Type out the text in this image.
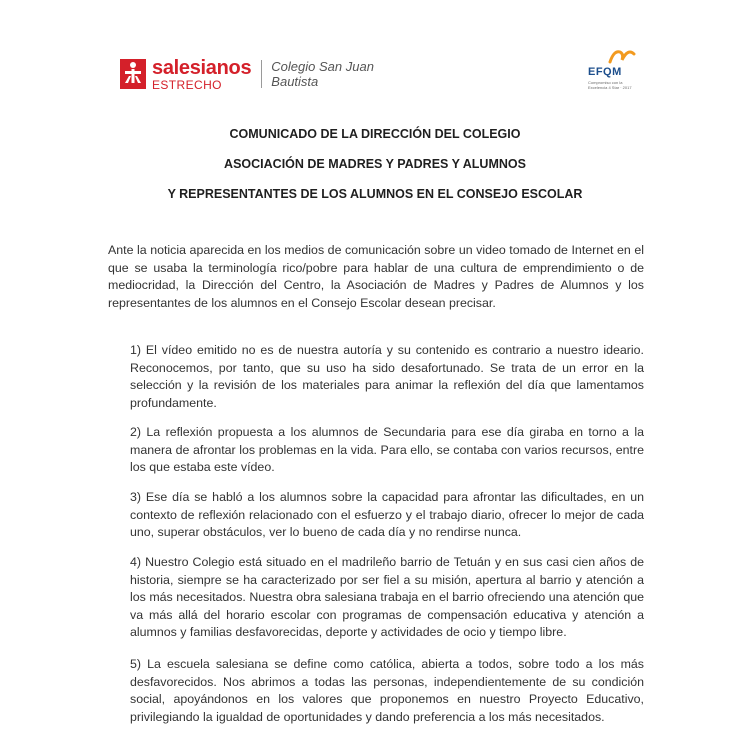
salesianos
ESTRECHO
Colegio San Juan
Bautista
EFQM
Compromiso con la Excelencia 4 Star · 2017
COMUNICADO DE LA DIRECCIÓN DEL COLEGIO
ASOCIACIÓN DE MADRES Y PADRES Y ALUMNOS
Y REPRESENTANTES DE LOS ALUMNOS EN EL CONSEJO ESCOLAR
Ante la noticia aparecida en los medios de comunicación sobre un video tomado de Internet en el que se usaba la terminología rico/pobre para hablar de una cultura de emprendimiento o de mediocridad, la Dirección del Centro, la Asociación de Madres y Padres de Alumnos y los representantes de los alumnos en el Consejo Escolar desean precisar.
1) El vídeo emitido no es de nuestra autoría y su contenido es contrario a nuestro ideario. Reconocemos, por tanto, que su uso ha sido desafortunado. Se trata de un error en la selección y la revisión de los materiales para animar la reflexión del día que lamentamos profundamente.
2) La reflexión propuesta a los alumnos de Secundaria para ese día giraba en torno a la manera de afrontar los problemas en la vida. Para ello, se contaba con varios recursos, entre los que estaba este vídeo.
3) Ese día se habló a los alumnos sobre la capacidad para afrontar las dificultades, en un contexto de reflexión relacionado con el esfuerzo y el trabajo diario, ofrecer lo mejor de cada uno, superar obstáculos, ver lo bueno de cada día y no rendirse nunca.
4) Nuestro Colegio está situado en el madrileño barrio de Tetuán y en sus casi cien años de historia, siempre se ha caracterizado por ser fiel a su misión, apertura al barrio y atención a los más necesitados. Nuestra obra salesiana trabaja en el barrio ofreciendo una atención que va más allá del horario escolar con programas de compensación educativa y atención a alumnos y familias desfavorecidas, deporte y actividades de ocio y tiempo libre.
5) La escuela salesiana se define como católica, abierta a todos, sobre todo a los más desfavorecidos. Nos abrimos a todas las personas, independientemente de su condición social, apoyándonos en los valores que proponemos en nuestro Proyecto Educativo, privilegiando la igualdad de oportunidades y dando preferencia a los más necesitados.
